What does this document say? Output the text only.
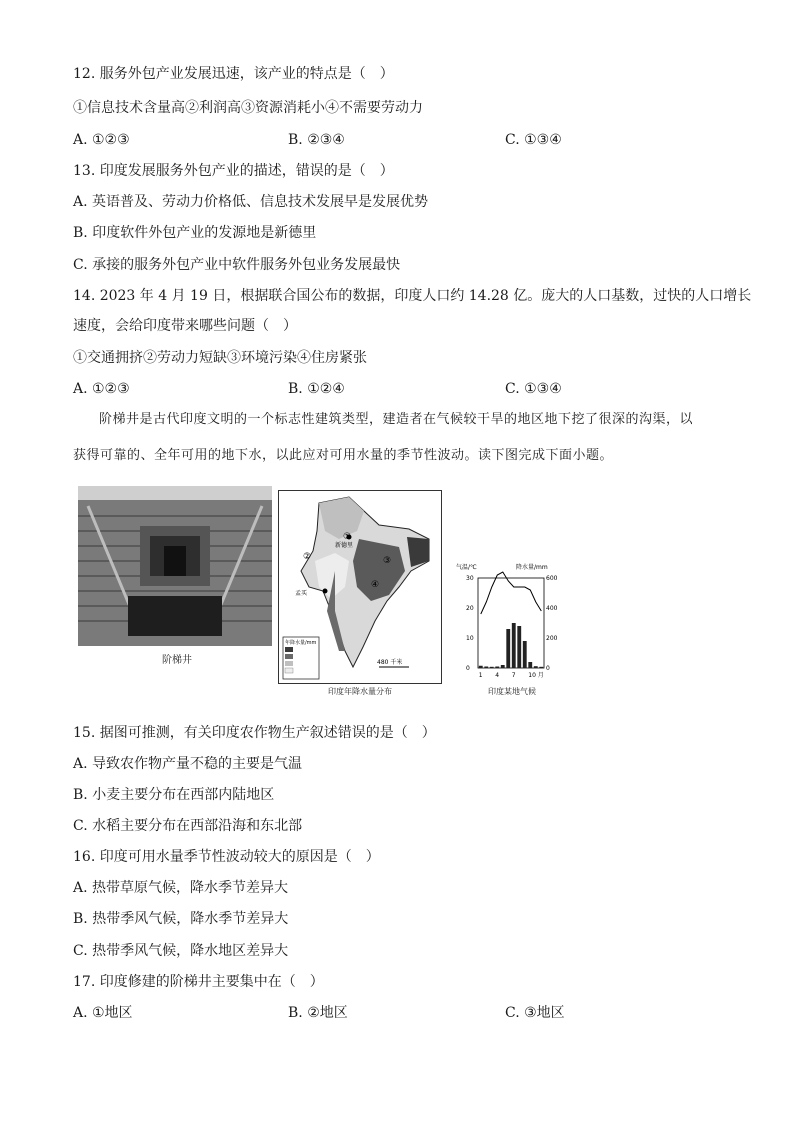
12. 服务外包产业发展迅速，该产业的特点是（　）
①信息技术含量高②利润高③资源消耗小④不需要劳动力
A. ①②③	B. ②③④	C. ①③④
13. 印度发展服务外包产业的描述，错误的是（　）
A. 英语普及、劳动力价格低、信息技术发展早是发展优势
B. 印度软件外包产业的发源地是新德里
C. 承接的服务外包产业中软件服务外包业务发展最快
14. 2023 年 4 月 19 日，根据联合国公布的数据，印度人口约 14.28 亿。庞大的人口基数，过快的人口增长
速度，会给印度带来哪些问题（　）
①交通拥挤②劳动力短缺③环境污染④住房紧张
A. ①②③	B. ①②④	C. ①③④
阶梯井是古代印度文明的一个标志性建筑类型，建造者在气候较干旱的地区地下挖了很深的沟渠，以
获得可靠的、全年可用的地下水，以此应对可用水量的季节性波动。读下图完成下面小题。
阶梯井
②
①
③
④
新德里
孟买
年降水量/mm
480 千米
印度年降水量分布
气温/℃	降水量/mm
30
20
10
0
600
400
200
0
1 4 7 10 月
印度某地气候
15. 据图可推测，有关印度农作物生产叙述错误的是（　）
A. 导致农作物产量不稳的主要是气温
B. 小麦主要分布在西部内陆地区
C. 水稻主要分布在西部沿海和东北部
16. 印度可用水量季节性波动较大的原因是（　）
A. 热带草原气候，降水季节差异大
B. 热带季风气候，降水季节差异大
C. 热带季风气候，降水地区差异大
17. 印度修建的阶梯井主要集中在（　）
A. ①地区	B. ②地区	C. ③地区
